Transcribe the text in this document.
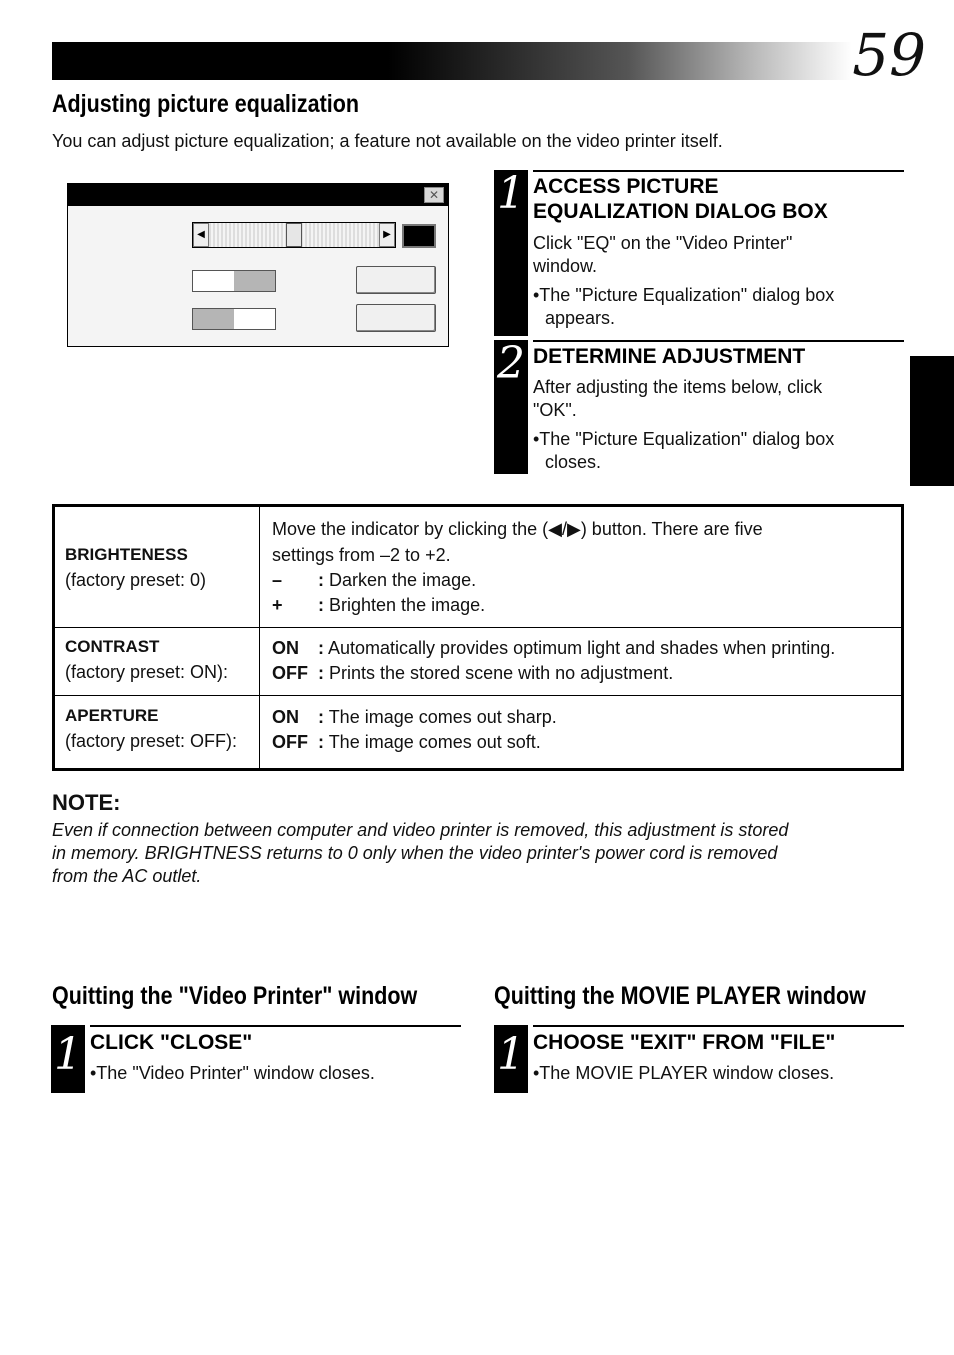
59
Adjusting picture equalization
You can adjust picture equalization; a feature not available on the video printer itself.
✕
◀	▶
1 ACCESS PICTURE
EQUALIZATION DIALOG BOX
Click "EQ" on the "Video Printer"
window.
•The "Picture Equalization" dialog box
appears.
2 DETERMINE ADJUSTMENT
After adjusting the items below, click
"OK".
•The "Picture Equalization" dialog box
closes.
BRIGHTENESS
(factory preset: 0)
Move the indicator by clicking the (◀/▶) button. There are five
settings from –2 to +2.
– : Darken the image.
+ : Brighten the image.
CONTRAST
(factory preset: ON):
ON : Automatically provides optimum light and shades when printing.
OFF : Prints the stored scene with no adjustment.
APERTURE
(factory preset: OFF):
ON : The image comes out sharp.
OFF : The image comes out soft.
NOTE:
Even if connection between computer and video printer is removed, this adjustment is stored
in memory. BRIGHTNESS returns to 0 only when the video printer's power cord is removed
from the AC outlet.
Quitting the "Video Printer" window
1 CLICK "CLOSE"
•The "Video Printer" window closes.
Quitting the MOVIE PLAYER window
1 CHOOSE "EXIT" FROM "FILE"
•The MOVIE PLAYER window closes.
